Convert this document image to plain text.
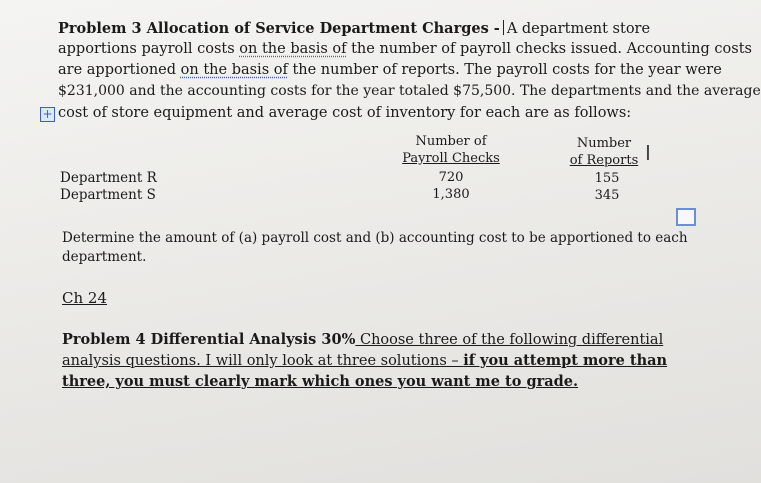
Problem 3 Allocation of Service Department Charges - A department store
apportions payroll costs on the basis of the number of payroll checks issued. Accounting costs
are apportioned on the basis of the number of reports. The payroll costs for the year were
$231,000 and the accounting costs for the year totaled $75,500. The departments and the average
+ cost of store equipment and average cost of inventory for each are as follows:
Number of
Payroll Checks
Number
of Reports I
Department R
Department S
720
1,380
155
345
Determine the amount of (a) payroll cost and (b) accounting cost to be apportioned to each
department.
Ch 24
Problem 4 Differential Analysis 30% Choose three of the following differential
analysis questions. I will only look at three solutions – if you attempt more than
three, you must clearly mark which ones you want me to grade.
